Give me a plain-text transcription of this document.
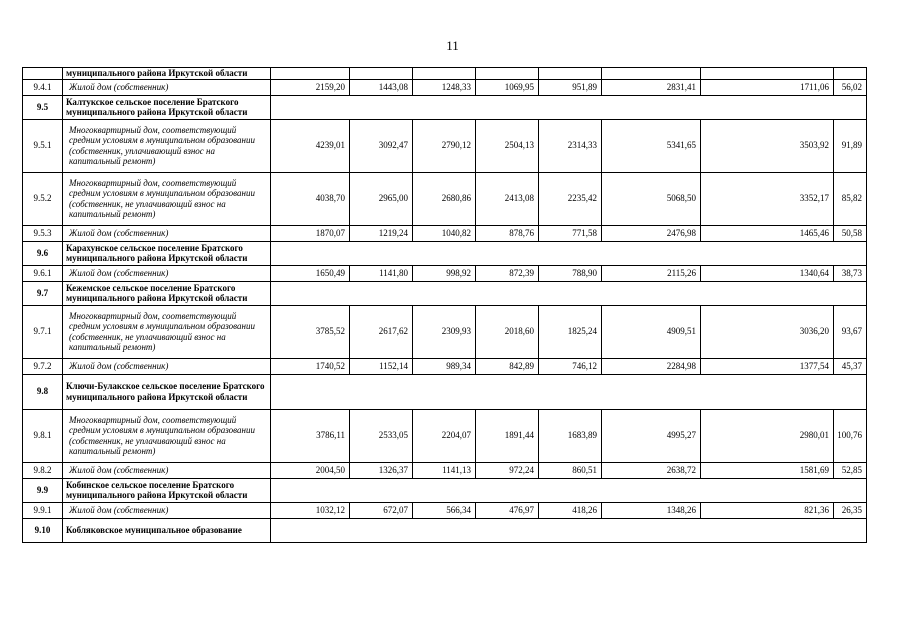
11
	муниципального района Иркутской области								
9.4.1	Жилой дом (собственник)	2159,20	1443,08	1248,33	1069,95	951,89	2831,41	1711,06	56,02
9.5	Калтукское сельское поселение Братского муниципального района Иркутской области								
9.5.1	Многоквартирный дом, соответствующий средним условиям в муниципальном образовании (собственник, уплачивающий взнос на капитальный ремонт)	4239,01	3092,47	2790,12	2504,13	2314,33	5341,65	3503,92	91,89
9.5.2	Многоквартирный дом, соответствующий средним условиям в муниципальном образовании (собственник, не уплачивающий взнос на капитальный ремонт)	4038,70	2965,00	2680,86	2413,08	2235,42	5068,50	3352,17	85,82
9.5.3	Жилой дом (собственник)	1870,07	1219,24	1040,82	878,76	771,58	2476,98	1465,46	50,58
9.6	Карахунское сельское поселение Братского муниципального района Иркутской области								
9.6.1	Жилой дом (собственник)	1650,49	1141,80	998,92	872,39	788,90	2115,26	1340,64	38,73
9.7	Кежемское сельское поселение Братского муниципального района Иркутской области								
9.7.1	Многоквартирный дом, соответствующий средним условиям в муниципальном образовании (собственник, не уплачивающий взнос на капитальный ремонт)	3785,52	2617,62	2309,93	2018,60	1825,24	4909,51	3036,20	93,67
9.7.2	Жилой дом (собственник)	1740,52	1152,14	989,34	842,89	746,12	2284,98	1377,54	45,37
9.8	Ключи-Булакское сельское поселение Братского муниципального района Иркутской области								
9.8.1	Многоквартирный дом, соответствующий средним условиям в муниципальном образовании (собственник, не уплачивающий взнос на капитальный ремонт)	3786,11	2533,05	2204,07	1891,44	1683,89	4995,27	2980,01	100,76
9.8.2	Жилой дом (собственник)	2004,50	1326,37	1141,13	972,24	860,51	2638,72	1581,69	52,85
9.9	Кобинское сельское поселение Братского муниципального района Иркутской области								
9.9.1	Жилой дом (собственник)	1032,12	672,07	566,34	476,97	418,26	1348,26	821,36	26,35
9.10	Кобляковское муниципальное образование								
